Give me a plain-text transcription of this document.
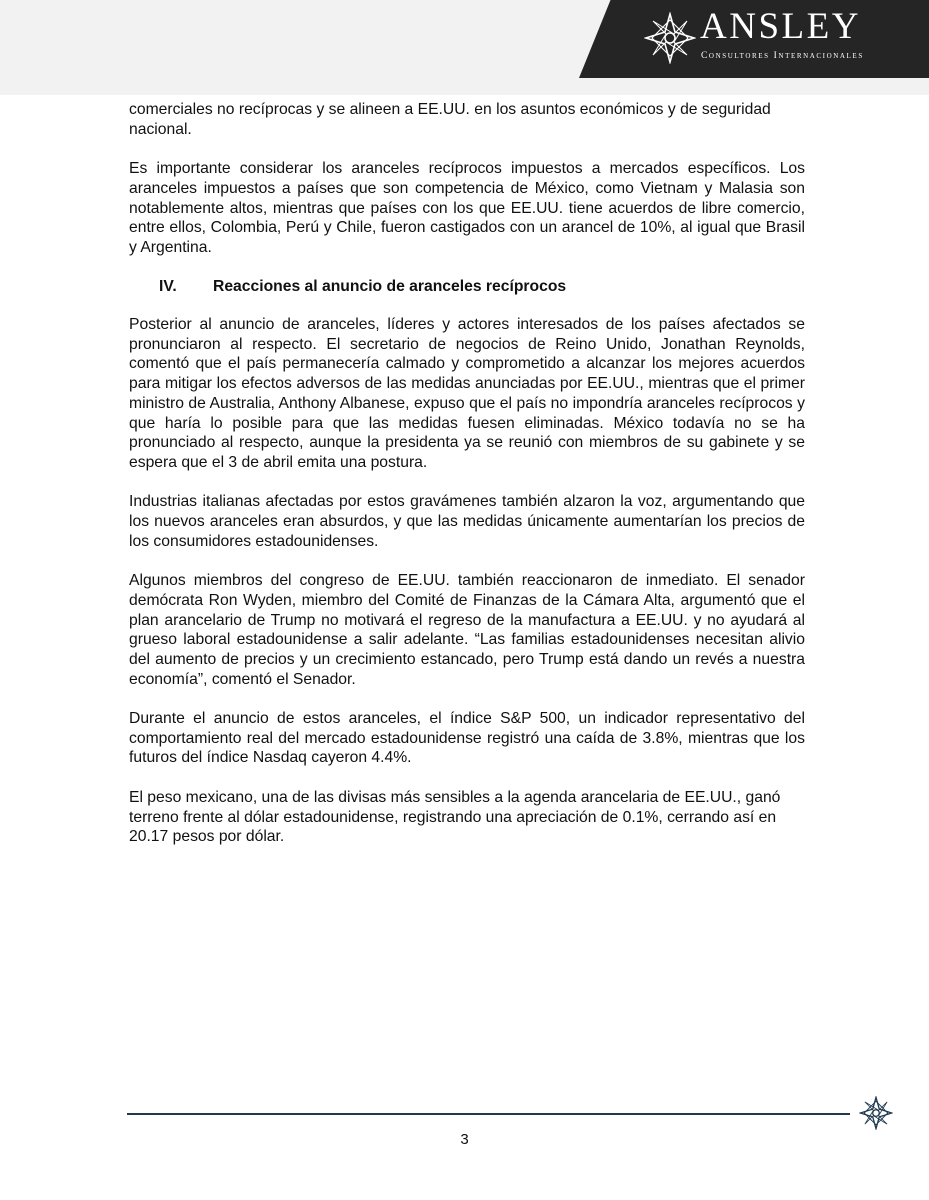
ANSLEY
Consultores Internacionales

comerciales no recíprocas y se alineen a EE.UU. en los asuntos económicos y de seguridad nacional.

Es importante considerar los aranceles recíprocos impuestos a mercados específicos. Los aranceles impuestos a países que son competencia de México, como Vietnam y Malasia son notablemente altos, mientras que países con los que EE.UU. tiene acuerdos de libre comercio, entre ellos, Colombia, Perú y Chile, fueron castigados con un arancel de 10%, al igual que Brasil y Argentina.

IV.	Reacciones al anuncio de aranceles recíprocos

Posterior al anuncio de aranceles, líderes y actores interesados de los países afectados se pronunciaron al respecto. El secretario de negocios de Reino Unido, Jonathan Reynolds, comentó que el país permanecería calmado y comprometido a alcanzar los mejores acuerdos para mitigar los efectos adversos de las medidas anunciadas por EE.UU., mientras que el primer ministro de Australia, Anthony Albanese, expuso que el país no impondría aranceles recíprocos y que haría lo posible para que las medidas fuesen eliminadas. México todavía no se ha pronunciado al respecto, aunque la presidenta ya se reunió con miembros de su gabinete y se espera que el 3 de abril emita una postura.

Industrias italianas afectadas por estos gravámenes también alzaron la voz, argumentando que los nuevos aranceles eran absurdos, y que las medidas únicamente aumentarían los precios de los consumidores estadounidenses.

Algunos miembros del congreso de EE.UU. también reaccionaron de inmediato. El senador demócrata Ron Wyden, miembro del Comité de Finanzas de la Cámara Alta, argumentó que el plan arancelario de Trump no motivará el regreso de la manufactura a EE.UU. y no ayudará al grueso laboral estadounidense a salir adelante. “Las familias estadounidenses necesitan alivio del aumento de precios y un crecimiento estancado, pero Trump está dando un revés a nuestra economía”, comentó el Senador.

Durante el anuncio de estos aranceles, el índice S&P 500, un indicador representativo del comportamiento real del mercado estadounidense registró una caída de 3.8%, mientras que los futuros del índice Nasdaq cayeron 4.4%.

El peso mexicano, una de las divisas más sensibles a la agenda arancelaria de EE.UU., ganó terreno frente al dólar estadounidense, registrando una apreciación de 0.1%, cerrando así en 20.17 pesos por dólar.

3
